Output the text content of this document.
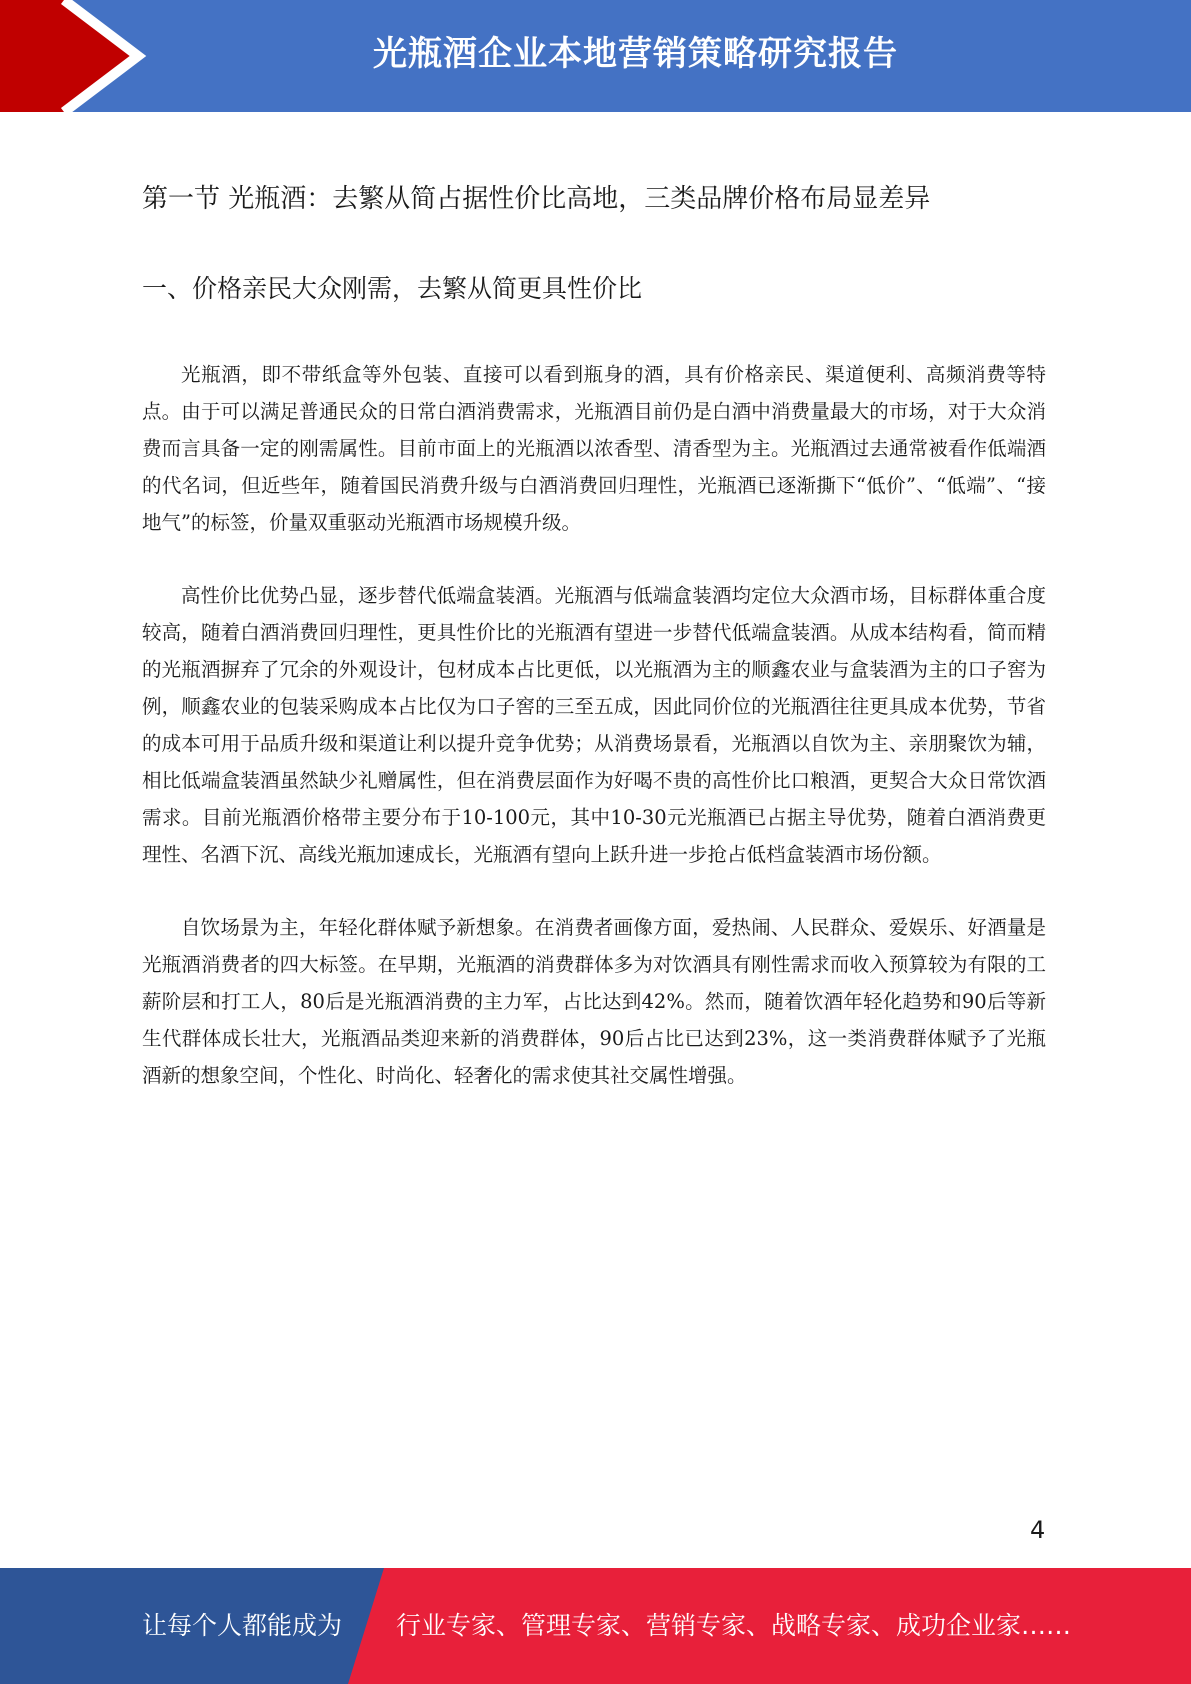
光瓶酒企业本地营销策略研究报告
第一节 光瓶酒：去繁从简占据性价比高地，三类品牌价格布局显差异
一、价格亲民大众刚需，去繁从简更具性价比

光瓶酒，即不带纸盒等外包装、直接可以看到瓶身的酒，具有价格亲民、渠道便利、高频消费等特点。由于可以满足普通民众的日常白酒消费需求，光瓶酒目前仍是白酒中消费量最大的市场，对于大众消费而言具备一定的刚需属性。目前市面上的光瓶酒以浓香型、清香型为主。光瓶酒过去通常被看作低端酒的代名词，但近些年，随着国民消费升级与白酒消费回归理性，光瓶酒已逐渐撕下“低价”、“低端”、“接地气”的标签，价量双重驱动光瓶酒市场规模升级。

高性价比优势凸显，逐步替代低端盒装酒。光瓶酒与低端盒装酒均定位大众酒市场，目标群体重合度较高，随着白酒消费回归理性，更具性价比的光瓶酒有望进一步替代低端盒装酒。从成本结构看，简而精的光瓶酒摒弃了冗余的外观设计，包材成本占比更低，以光瓶酒为主的顺鑫农业与盒装酒为主的口子窖为例，顺鑫农业的包装采购成本占比仅为口子窖的三至五成，因此同价位的光瓶酒往往更具成本优势，节省的成本可用于品质升级和渠道让利以提升竞争优势；从消费场景看，光瓶酒以自饮为主、亲朋聚饮为辅，相比低端盒装酒虽然缺少礼赠属性，但在消费层面作为好喝不贵的高性价比口粮酒，更契合大众日常饮酒需求。目前光瓶酒价格带主要分布于10-100元，其中10-30元光瓶酒已占据主导优势，随着白酒消费更理性、名酒下沉、高线光瓶加速成长，光瓶酒有望向上跃升进一步抢占低档盒装酒市场份额。

自饮场景为主，年轻化群体赋予新想象。在消费者画像方面，爱热闹、人民群众、爱娱乐、好酒量是光瓶酒消费者的四大标签。在早期，光瓶酒的消费群体多为对饮酒具有刚性需求而收入预算较为有限的工薪阶层和打工人，80后是光瓶酒消费的主力军，占比达到42%。然而，随着饮酒年轻化趋势和90后等新生代群体成长壮大，光瓶酒品类迎来新的消费群体，90后占比已达到23%，这一类消费群体赋予了光瓶酒新的想象空间，个性化、时尚化、轻奢化的需求使其社交属性增强。

4
让每个人都能成为 行业专家、管理专家、营销专家、战略专家、成功企业家……
